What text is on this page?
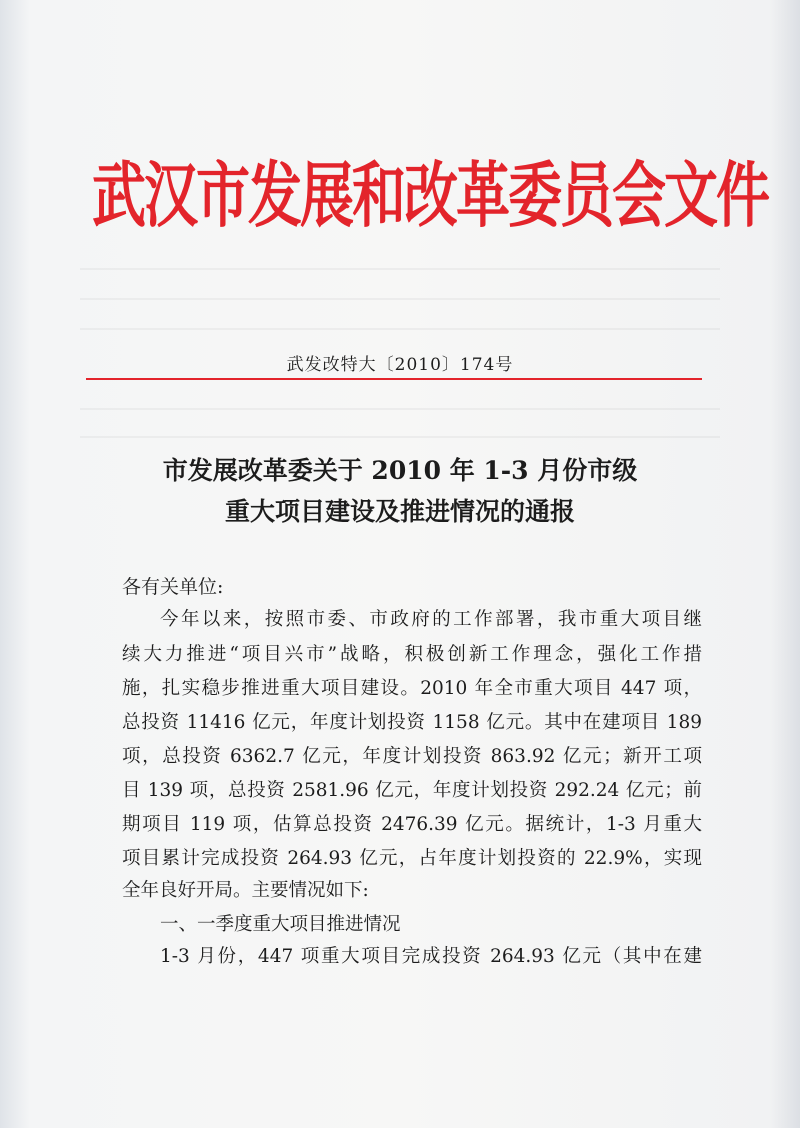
武汉市发展和改革委员会文件
武发改特大〔2010〕174号
市发展改革委关于 2010 年 1-3 月份市级
重大项目建设及推进情况的通报
各有关单位:
今年以来，按照市委、市政府的工作部署，我市重大项目继
续大力推进“项目兴市”战略，积极创新工作理念，强化工作措
施，扎实稳步推进重大项目建设。2010 年全市重大项目 447 项，
总投资 11416 亿元，年度计划投资 1158 亿元。其中在建项目 189
项，总投资 6362.7 亿元，年度计划投资 863.92 亿元；新开工项
目 139 项，总投资 2581.96 亿元，年度计划投资 292.24 亿元；前
期项目 119 项，估算总投资 2476.39 亿元。据统计，1-3 月重大
项目累计完成投资 264.93 亿元，占年度计划投资的 22.9%，实现
全年良好开局。主要情况如下:
一、一季度重大项目推进情况
1-3 月份，447 项重大项目完成投资 264.93 亿元（其中在建
